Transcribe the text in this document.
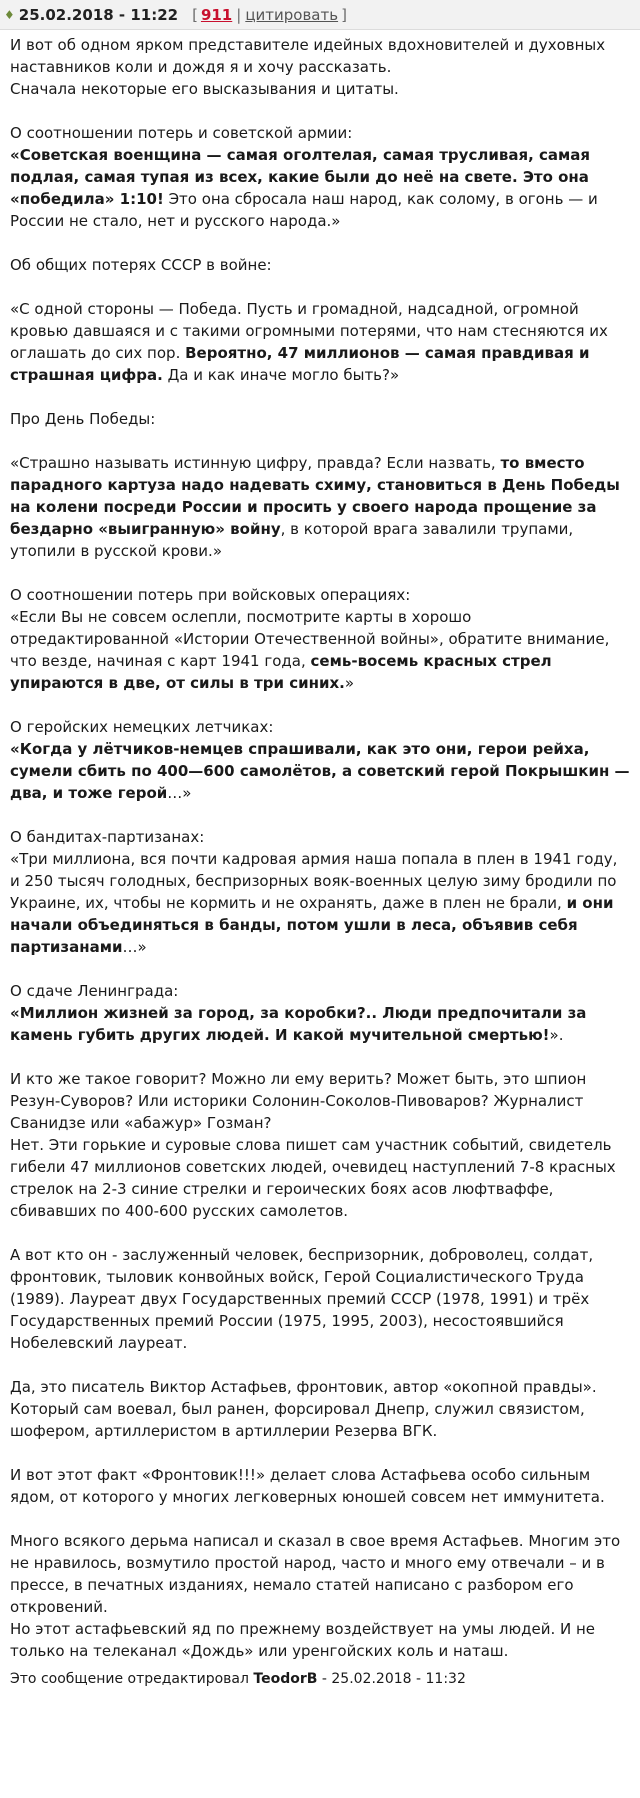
♦ 25.02.2018 - 11:22 [ 911 | цитировать ]

И вот об одном ярком представителе идейных вдохновителей и духовных наставников коли и дождя я и хочу рассказать.

Сначала некоторые его высказывания и цитаты.

О соотношении потерь и советской армии:

«Советская военщина — самая оголтелая, самая трусливая, самая подлая, самая тупая из всех, какие были до неё на свете. Это она «победила» 1:10! Это она сбросала наш народ, как солому, в огонь — и России не стало, нет и русского народа.»

Об общих потерях СССР в войне:

«С одной стороны — Победа. Пусть и громадной, надсадной, огромной кровью давшаяся и с такими огромными потерями, что нам стесняются их оглашать до сих пор. Вероятно, 47 миллионов — самая правдивая и страшная цифра. Да и как иначе могло быть?»

Про День Победы:

«Страшно называть истинную цифру, правда? Если назвать, то вместо парадного картуза надо надевать схиму, становиться в День Победы на колени посреди России и просить у своего народа прощение за бездарно «выигранную» войну, в которой врага завалили трупами, утопили в русской крови.»

О соотношении потерь при войсковых операциях:

«Если Вы не совсем ослепли, посмотрите карты в хорошо отредактированной «Истории Отечественной войны», обратите внимание, что везде, начиная с карт 1941 года, семь-восемь красных стрел упираются в две, от силы в три синих.»

О геройских немецких летчиках:

«Когда у лётчиков-немцев спрашивали, как это они, герои рейха, сумели сбить по 400—600 самолётов, а советский герой Покрышкин — два, и тоже герой…»

О бандитах-партизанах:

«Три миллиона, вся почти кадровая армия наша попала в плен в 1941 году, и 250 тысяч голодных, беспризорных вояк-военных целую зиму бродили по Украине, их, чтобы не кормить и не охранять, даже в плен не брали, и они начали объединяться в банды, потом ушли в леса, объявив себя партизанами…»

О сдаче Ленинграда:

«Миллион жизней за город, за коробки?.. Люди предпочитали за камень губить других людей. И какой мучительной смертью!».

И кто же такое говорит? Можно ли ему верить? Может быть, это шпион Резун-Суворов? Или историки Солонин-Соколов-Пивоваров? Журналист Сванидзе или «абажур» Гозман?

Нет. Эти горькие и суровые слова пишет сам участник событий, свидетель гибели 47 миллионов советских людей, очевидец наступлений 7-8 красных стрелок на 2-3 синие стрелки и героических боях асов люфтваффе, сбивавших по 400-600 русских самолетов.

А вот кто он - заслуженный человек, беспризорник, доброволец, солдат, фронтовик, тыловик конвойных войск, Герой Социалистического Труда (1989). Лауреат двух Государственных премий СССР (1978, 1991) и трёх Государственных премий России (1975, 1995, 2003), несостоявшийся Нобелевский лауреат.

Да, это писатель Виктор Астафьев, фронтовик, автор «окопной правды». Который сам воевал, был ранен, форсировал Днепр, служил связистом, шофером, артиллеристом в артиллерии Резерва ВГК.

И вот этот факт «Фронтовик!!!» делает слова Астафьева особо сильным ядом, от которого у многих легковерных юношей совсем нет иммунитета.

Много всякого дерьма написал и сказал в свое время Астафьев. Многим это не нравилось, возмутило простой народ, часто и много ему отвечали – и в прессе, в печатных изданиях, немало статей написано с разбором его откровений.

Но этот астафьевский яд по прежнему воздействует на умы людей. И не только на телеканал «Дождь» или уренгойских коль и наташ.

Это сообщение отредактировал TeodorB - 25.02.2018 - 11:32
